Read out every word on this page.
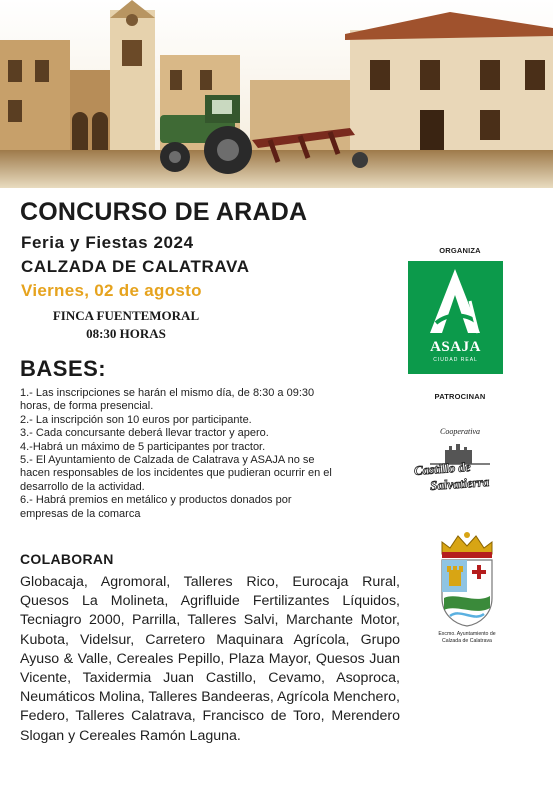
CONCURSO DE ARADA
Feria y Fiestas 2024
CALZADA DE CALATRAVA
Viernes, 02 de agosto
FINCA FUENTEMORAL
08:30 HORAS
BASES:
1.- Las inscripciones se harán el mismo día, de 8:30 a 09:30
horas, de forma presencial.
2.- La inscripción son 10 euros por participante.
3.- Cada concursante deberá llevar tractor y apero.
4.-Habrá un máximo de 5 participantes por tractor.
5.- El Ayuntamiento de Calzada de Calatrava y ASAJA no se
hacen responsables de los incidentes que pudieran ocurrir en el
desarrollo de la actividad.
6.- Habrá premios en metálico y productos donados por
empresas de la comarca
COLABORAN
Globacaja, Agromoral, Talleres Rico, Eurocaja Rural, Quesos La Molineta, Agrifluide Fertilizantes Líquidos, Tecniagro 2000, Parrilla, Talleres Salvi, Marchante Motor, Kubota, Videlsur, Carretero Maquinara Agrícola, Grupo Ayuso & Valle, Cereales Pepillo, Plaza Mayor, Quesos Juan Vicente, Taxidermia Juan Castillo, Cevamo, Asoproca, Neumáticos Molina, Talleres Bandeeras, Agrícola Menchero, Federo, Talleres Calatrava, Francisco de Toro, Merendero Slogan y Cereales Ramón Laguna.
ORGANIZA
ASAJA
CIUDAD REAL
PATROCINAN
Cooperativa
Castillo de
Salvatierra
Excmo. Ayuntamiento de
Calzada de Calatrava
